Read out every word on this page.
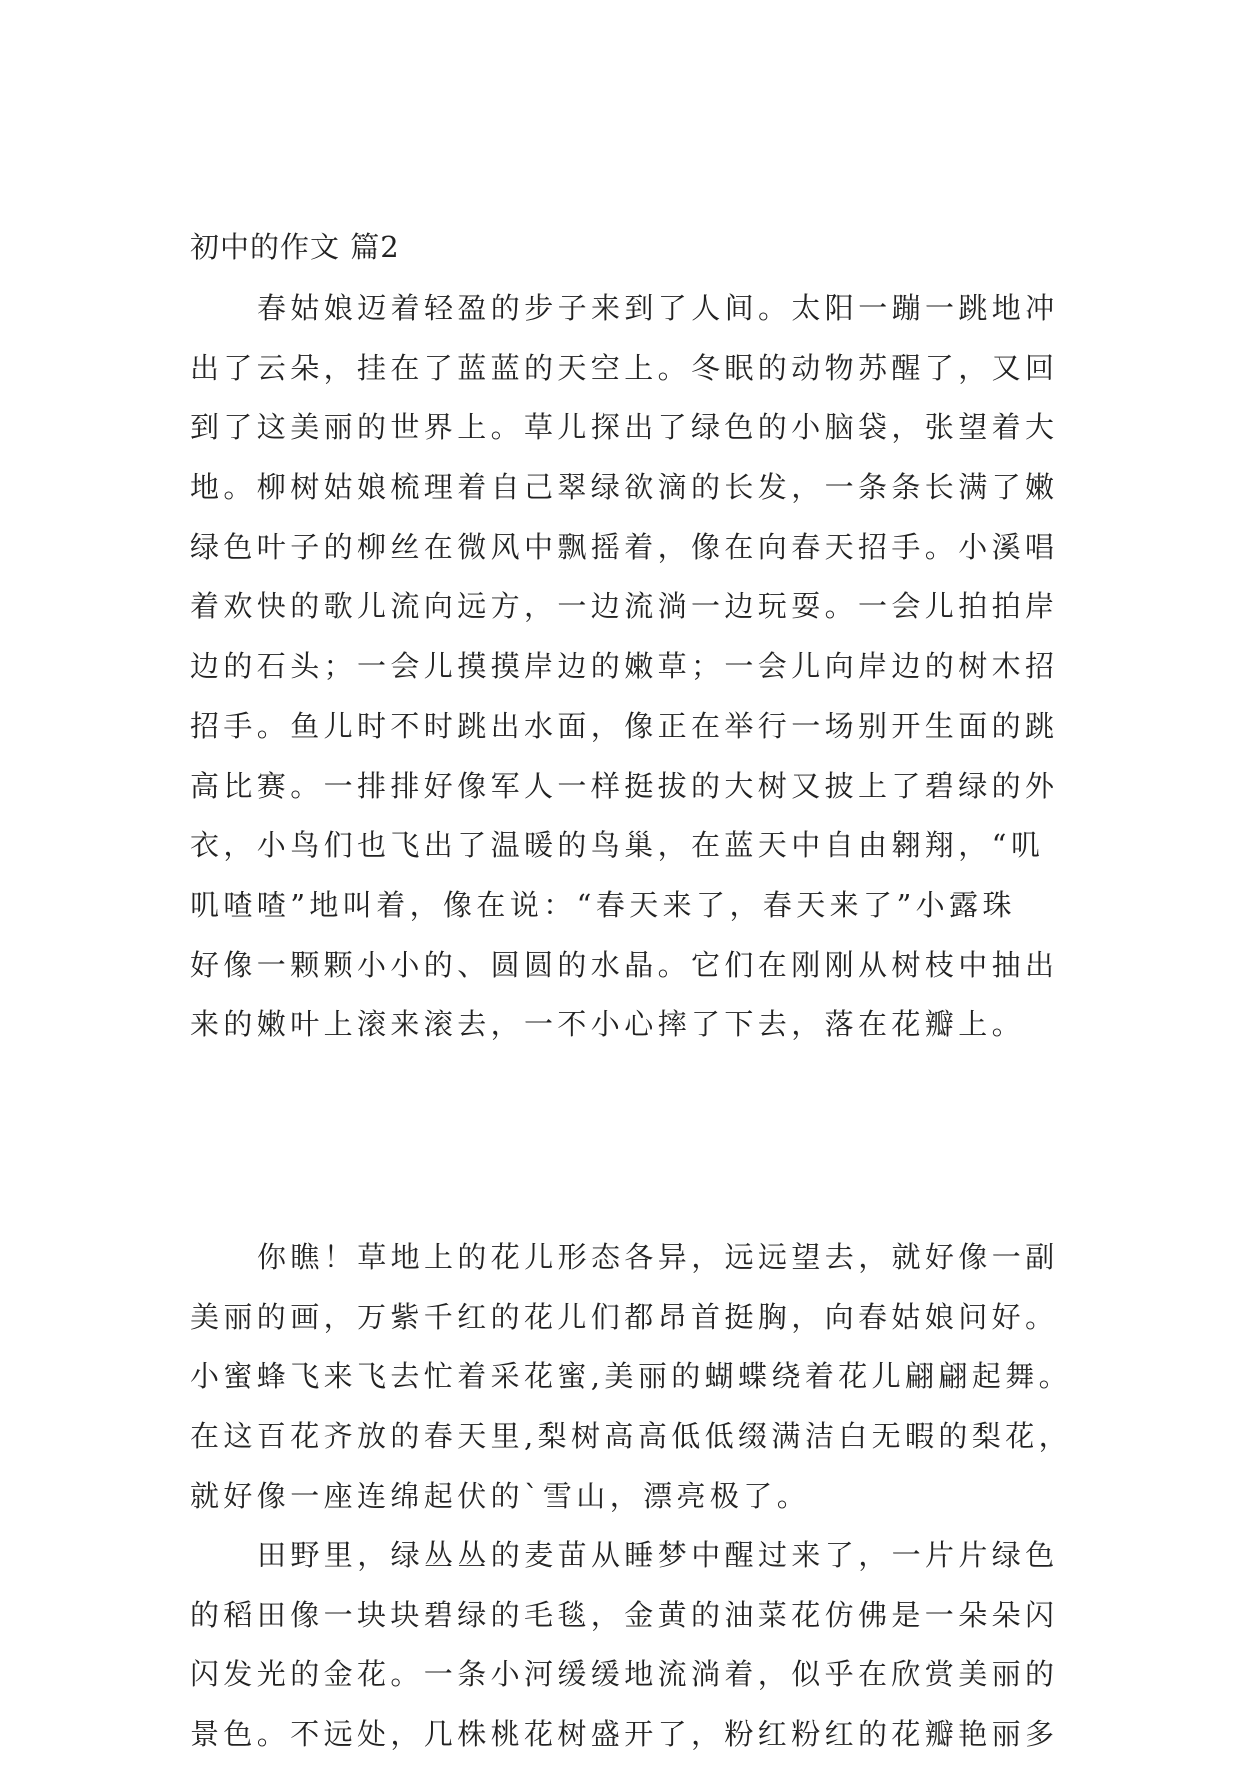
初中的作文 篇2
春姑娘迈着轻盈的步子来到了人间。太阳一蹦一跳地冲
出了云朵，挂在了蓝蓝的天空上。冬眠的动物苏醒了，又回
到了这美丽的世界上。草儿探出了绿色的小脑袋，张望着大
地。柳树姑娘梳理着自己翠绿欲滴的长发，一条条长满了嫩
绿色叶子的柳丝在微风中飘摇着，像在向春天招手。小溪唱
着欢快的歌儿流向远方，一边流淌一边玩耍。一会儿拍拍岸
边的石头；一会儿摸摸岸边的嫩草；一会儿向岸边的树木招
招手。鱼儿时不时跳出水面，像正在举行一场别开生面的跳
高比赛。一排排好像军人一样挺拔的大树又披上了碧绿的外
衣，小鸟们也飞出了温暖的鸟巢，在蓝天中自由翱翔，“叽
叽喳喳”地叫着，像在说：“春天来了，春天来了”小露珠
好像一颗颗小小的、圆圆的水晶。它们在刚刚从树枝中抽出
来的嫩叶上滚来滚去，一不小心摔了下去，落在花瓣上。
你瞧！草地上的花儿形态各异，远远望去，就好像一副
美丽的画，万紫千红的花儿们都昂首挺胸，向春姑娘问好。
小蜜蜂飞来飞去忙着采花蜜,美丽的蝴蝶绕着花儿翩翩起舞。
在这百花齐放的春天里,梨树高高低低缀满洁白无暇的梨花，
就好像一座连绵起伏的`雪山，漂亮极了。
田野里，绿丛丛的麦苗从睡梦中醒过来了，一片片绿色
的稻田像一块块碧绿的毛毯，金黄的油菜花仿佛是一朵朵闪
闪发光的金花。一条小河缓缓地流淌着，似乎在欣赏美丽的
景色。不远处，几株桃花树盛开了，粉红粉红的花瓣艳丽多
